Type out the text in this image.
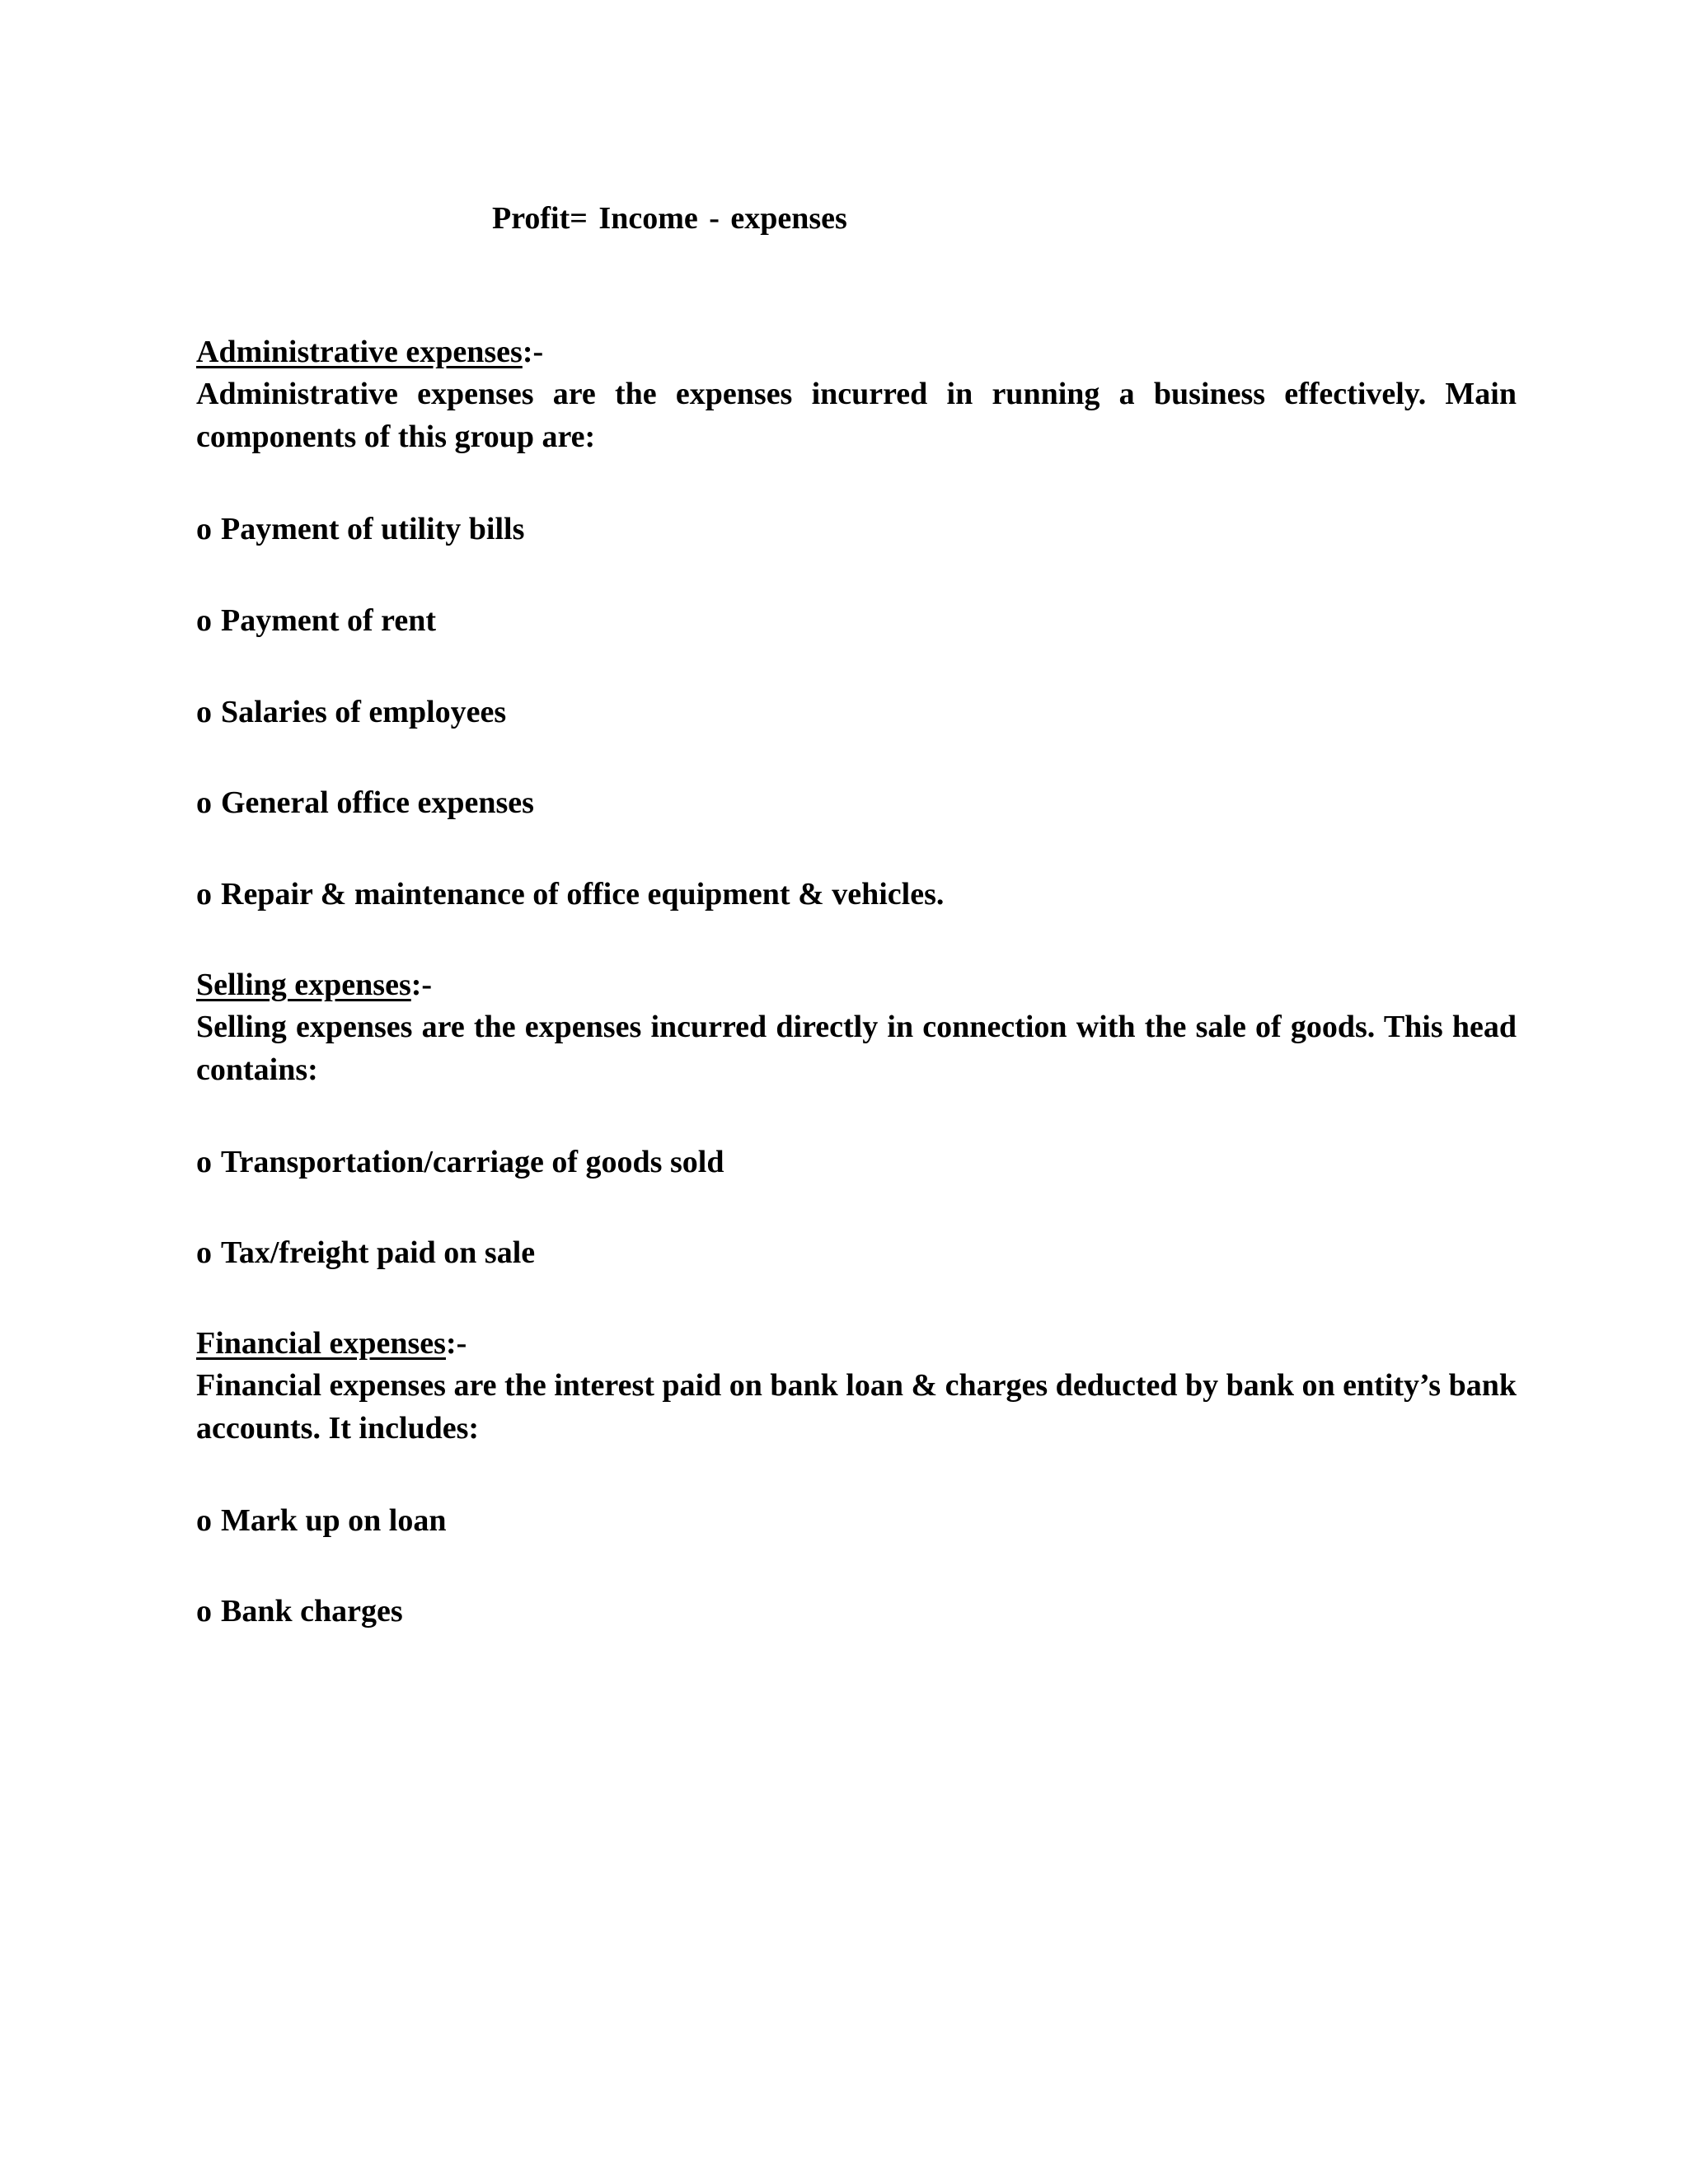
Profit= Income - expenses
Administrative expenses:-
Administrative expenses are the expenses incurred in running a business effectively. Main components of this group are:
o Payment of utility bills
o Payment of rent
o Salaries of employees
o General office expenses
o Repair & maintenance of office equipment & vehicles.
Selling expenses:-
Selling expenses are the expenses incurred directly in connection with the sale of goods. This head contains:
o Transportation/carriage of goods sold
o Tax/freight paid on sale
Financial expenses:-
Financial expenses are the interest paid on bank loan & charges deducted by bank on entity’s bank accounts. It includes:
o Mark up on loan
o Bank charges
